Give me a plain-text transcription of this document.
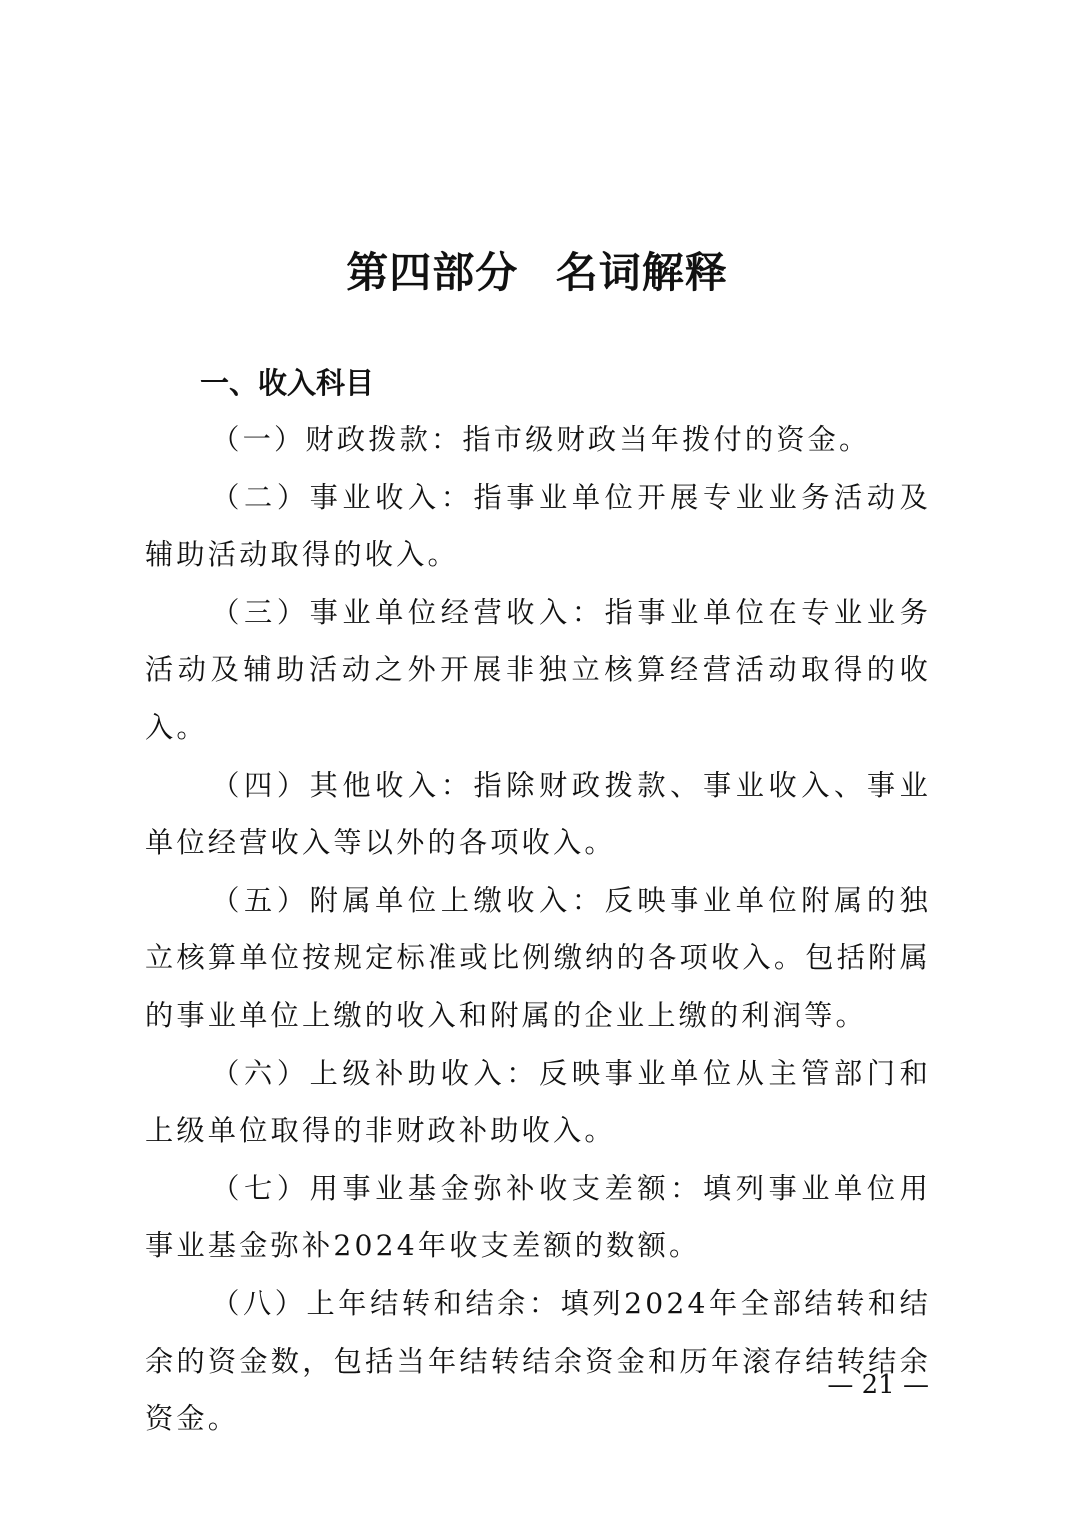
第四部分 名词解释
一、收入科目

（一）财政拨款：指市级财政当年拨付的资金。

（二）事业收入：指事业单位开展专业业务活动及辅助活动取得的收入。

（三）事业单位经营收入：指事业单位在专业业务活动及辅助活动之外开展非独立核算经营活动取得的收入。

（四）其他收入：指除财政拨款、事业收入、事业单位经营收入等以外的各项收入。

（五）附属单位上缴收入：反映事业单位附属的独立核算单位按规定标准或比例缴纳的各项收入。包括附属的事业单位上缴的收入和附属的企业上缴的利润等。

（六）上级补助收入：反映事业单位从主管部门和上级单位取得的非财政补助收入。

（七）用事业基金弥补收支差额：填列事业单位用事业基金弥补2024年收支差额的数额。

（八）上年结转和结余：填列2024年全部结转和结余的资金数，包括当年结转结余资金和历年滚存结转结余资金。

— 21 —
